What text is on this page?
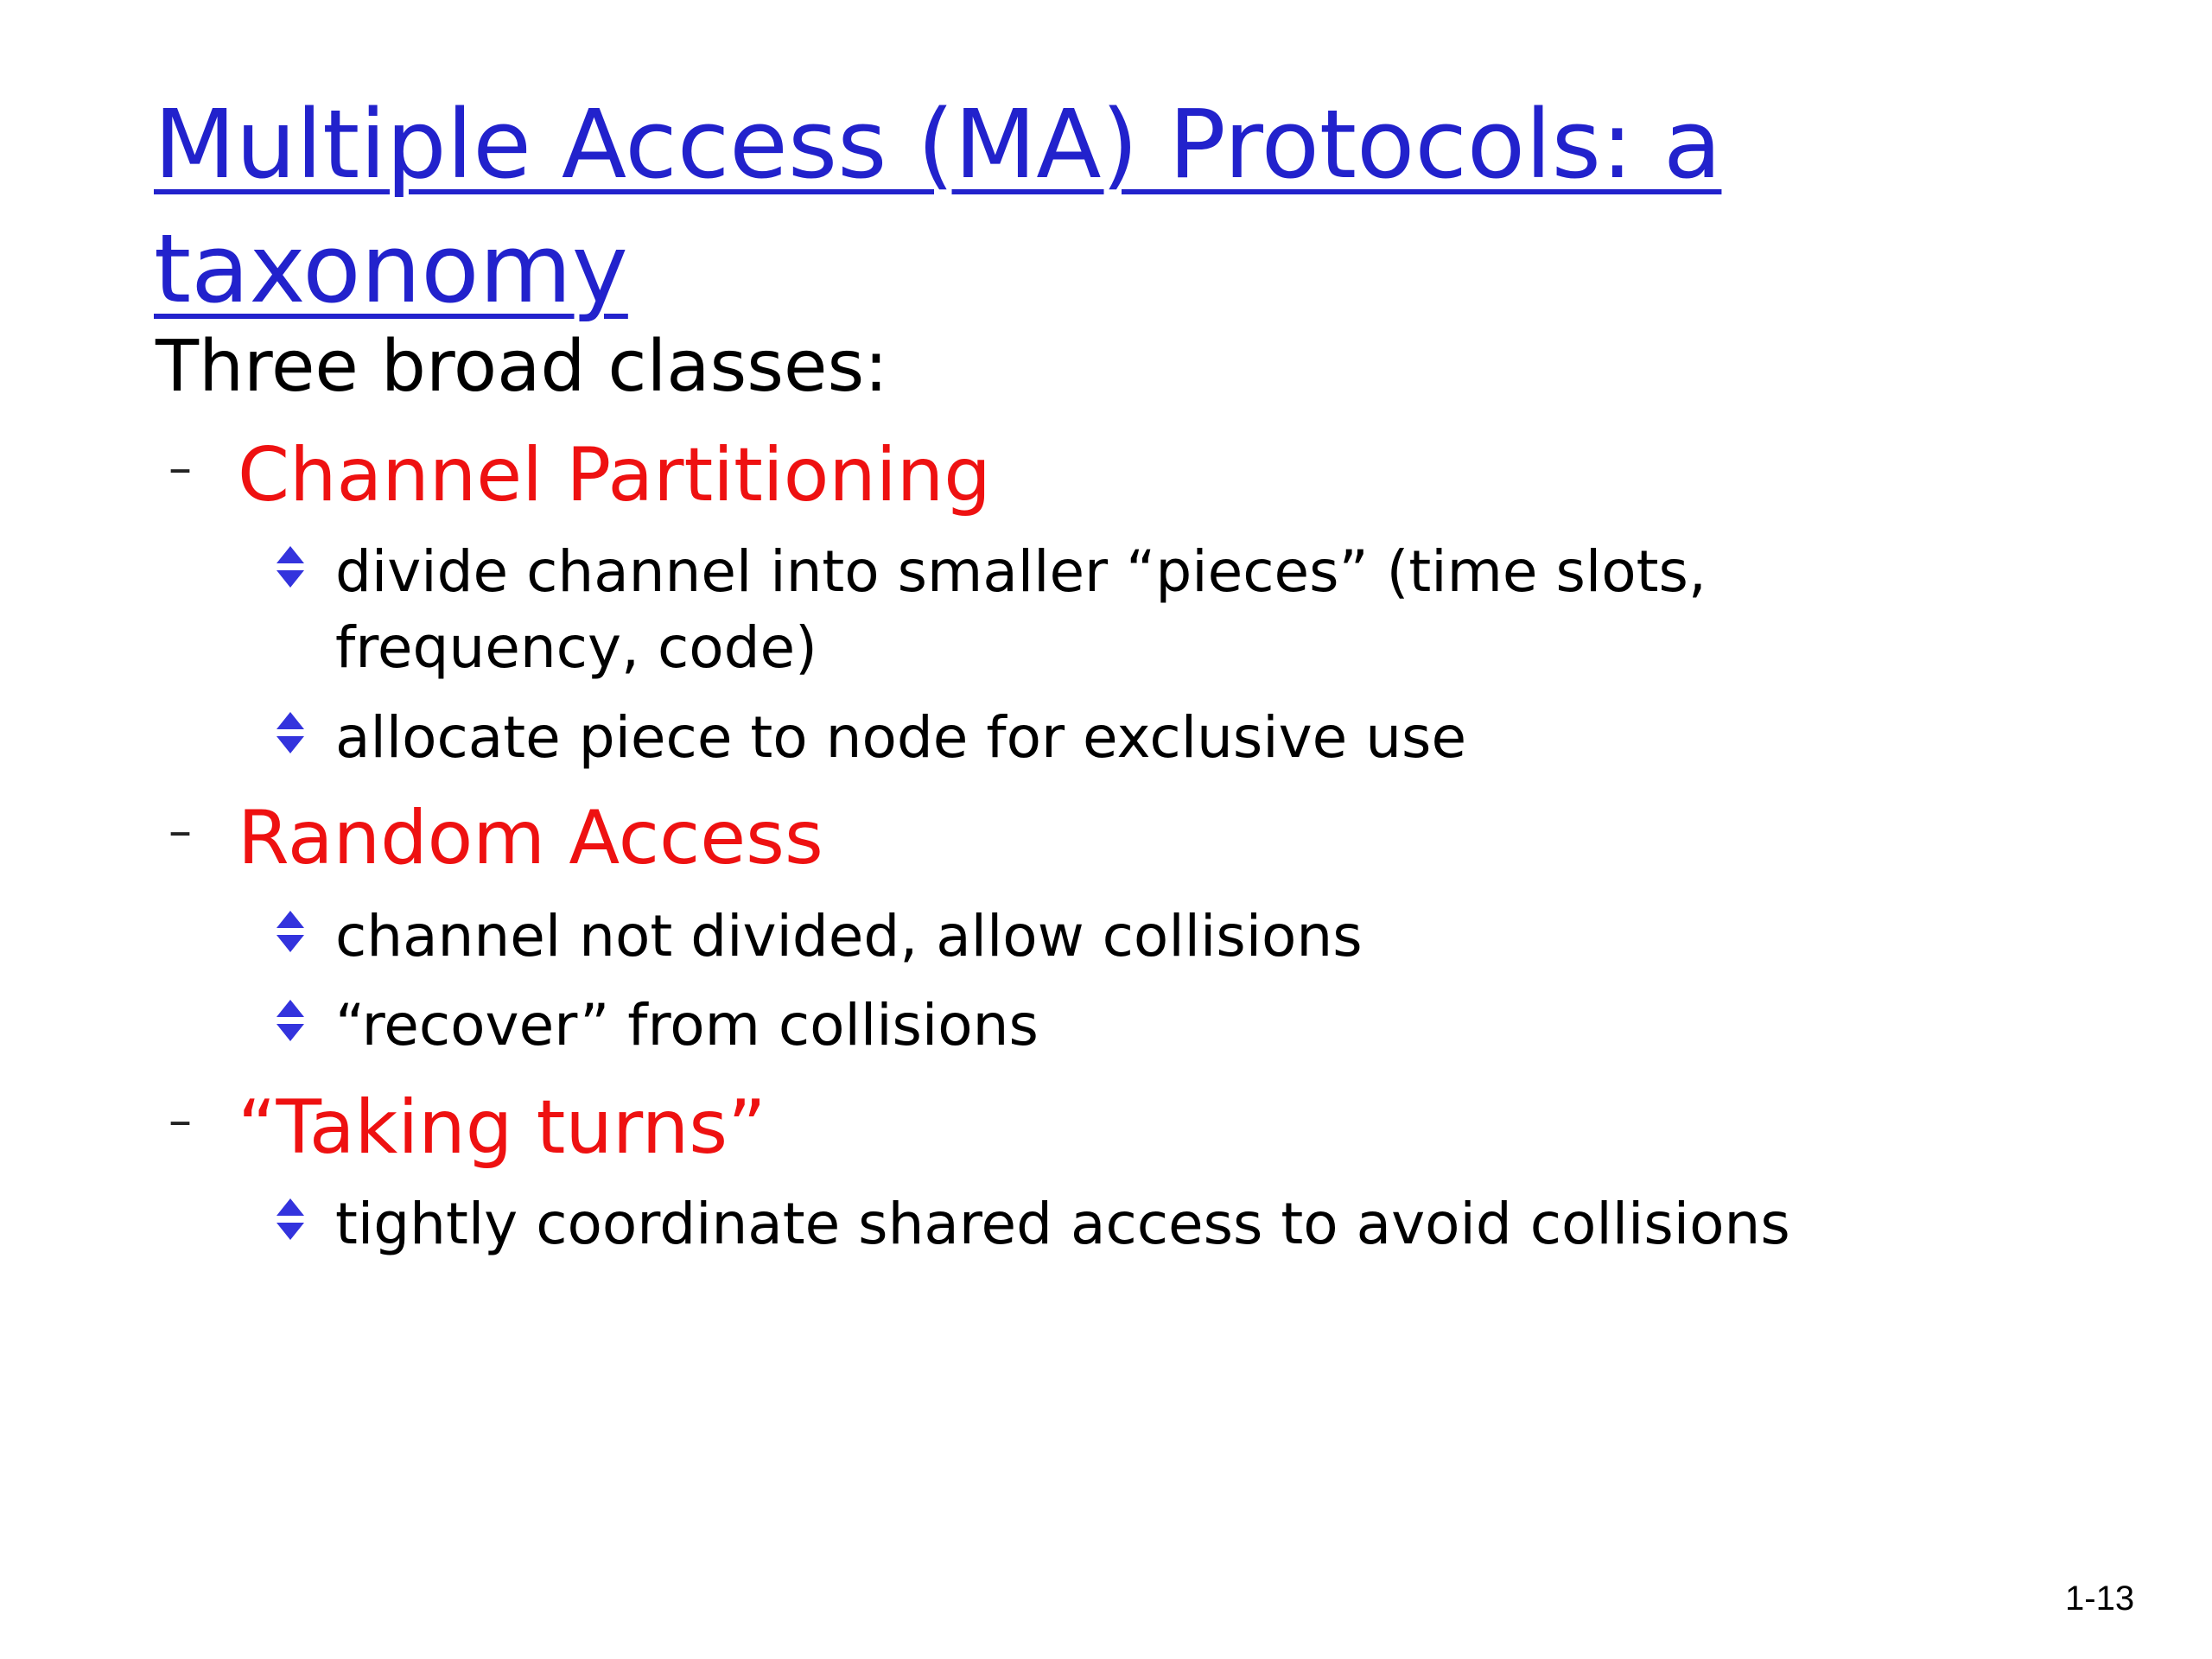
Multiple Access (MA) Protocols: a taxonomy

Three broad classes:

– Channel Partitioning
divide channel into smaller “pieces” (time slots, frequency, code)
allocate piece to node for exclusive use
– Random Access
channel not divided, allow collisions
“recover” from collisions
– “Taking turns”
tightly coordinate shared access to avoid collisions
1-13
